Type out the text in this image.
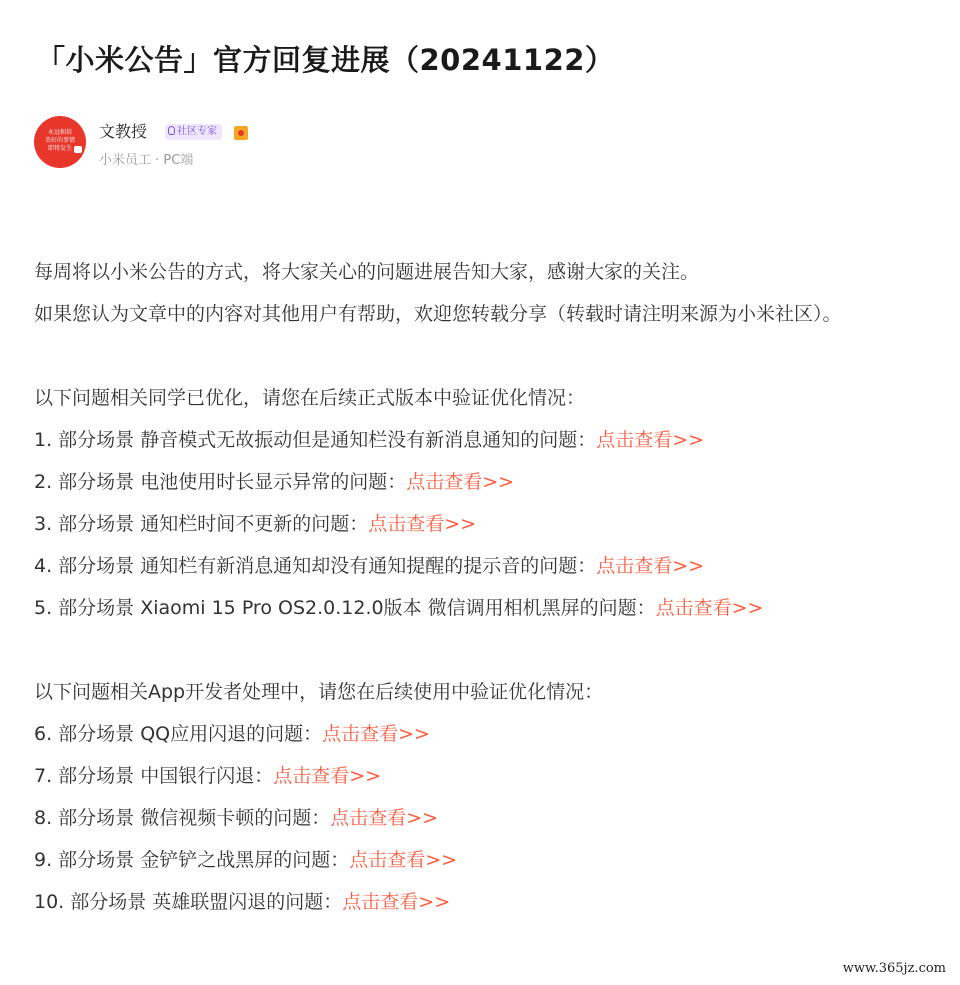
「小米公告」官方回复进展（20241122）
永远相信
美好的事情
即将发生
文教授	社区专家
小米员工 · PC端

每周将以小米公告的方式，将大家关心的问题进展告知大家，感谢大家的关注。

如果您认为文章中的内容对其他用户有帮助，欢迎您转载分享（转载时请注明来源为小米社区）。

以下问题相关同学已优化，请您在后续正式版本中验证优化情况：

1. 部分场景 静音模式无故振动但是通知栏没有新消息通知的问题：点击查看>>

2. 部分场景 电池使用时长显示异常的问题：点击查看>>

3. 部分场景 通知栏时间不更新的问题：点击查看>>

4. 部分场景 通知栏有新消息通知却没有通知提醒的提示音的问题：点击查看>>

5. 部分场景 Xiaomi 15 Pro OS2.0.12.0版本 微信调用相机黑屏的问题：点击查看>>

以下问题相关App开发者处理中，请您在后续使用中验证优化情况：

6. 部分场景 QQ应用闪退的问题：点击查看>>

7. 部分场景 中国银行闪退：点击查看>>

8. 部分场景 微信视频卡顿的问题：点击查看>>

9. 部分场景 金铲铲之战黑屏的问题：点击查看>>

10. 部分场景 英雄联盟闪退的问题：点击查看>>

www.365jz.com
